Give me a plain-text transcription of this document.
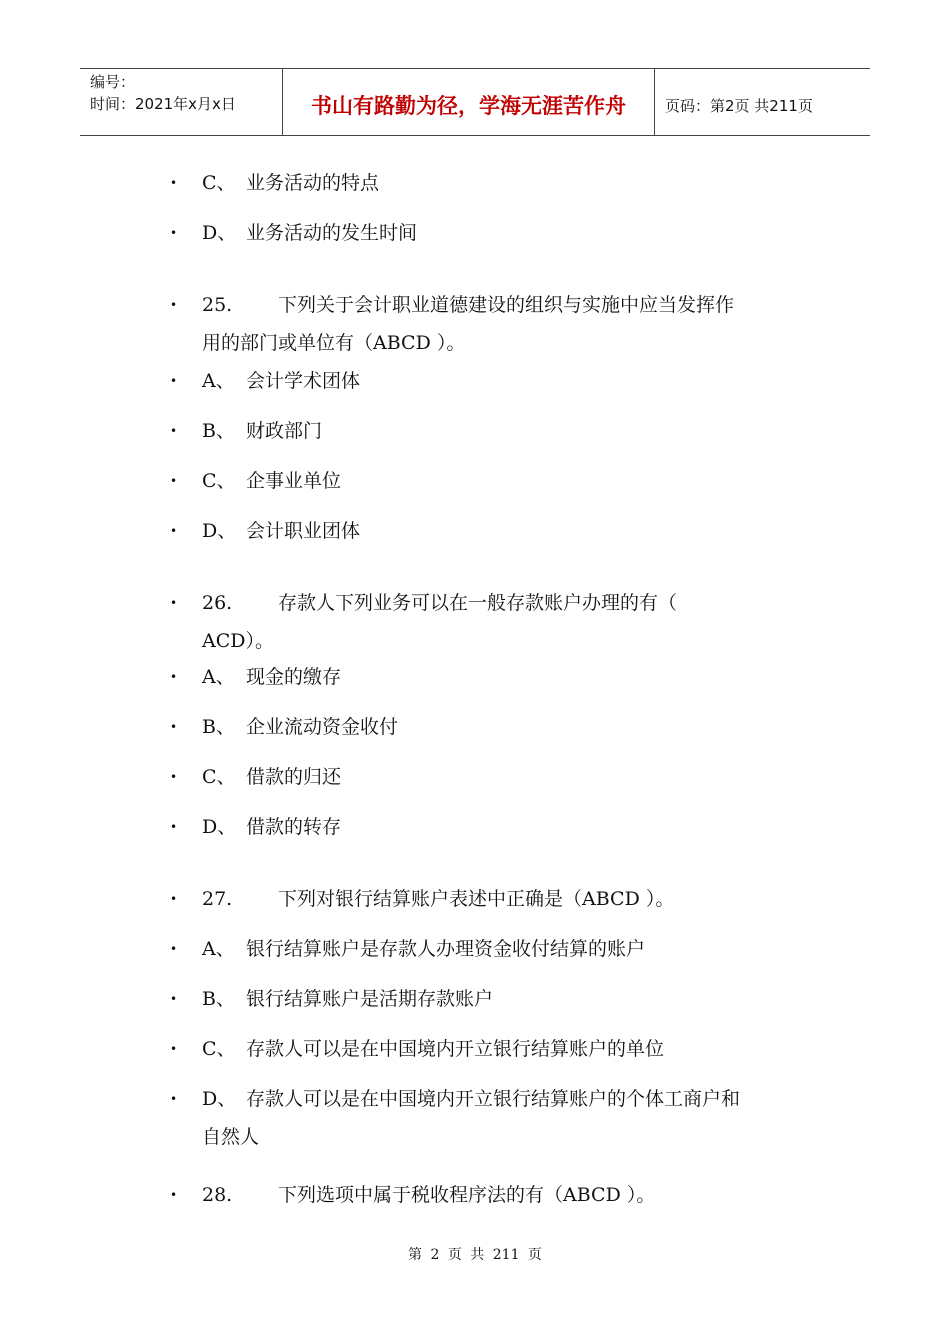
编号：
时间：2021年x月x日	书山有路勤为径，学海无涯苦作舟	页码：第2页 共211页
•	C、 业务活动的特点
•	D、 业务活动的发生时间
•	25. 下列关于会计职业道德建设的组织与实施中应当发挥作
用的部门或单位有（ABCD ）。
•	A、 会计学术团体
•	B、 财政部门
•	C、 企事业单位
•	D、 会计职业团体
•	26. 存款人下列业务可以在一般存款账户办理的有（
ACD）。
•	A、 现金的缴存
•	B、 企业流动资金收付
•	C、 借款的归还
•	D、 借款的转存
•	27. 下列对银行结算账户表述中正确是（ABCD ）。
•	A、 银行结算账户是存款人办理资金收付结算的账户
•	B、 银行结算账户是活期存款账户
•	C、 存款人可以是在中国境内开立银行结算账户的单位
•	D、 存款人可以是在中国境内开立银行结算账户的个体工商户和
自然人
•	28. 下列选项中属于税收程序法的有（ABCD ）。
第 2 页 共 211 页
